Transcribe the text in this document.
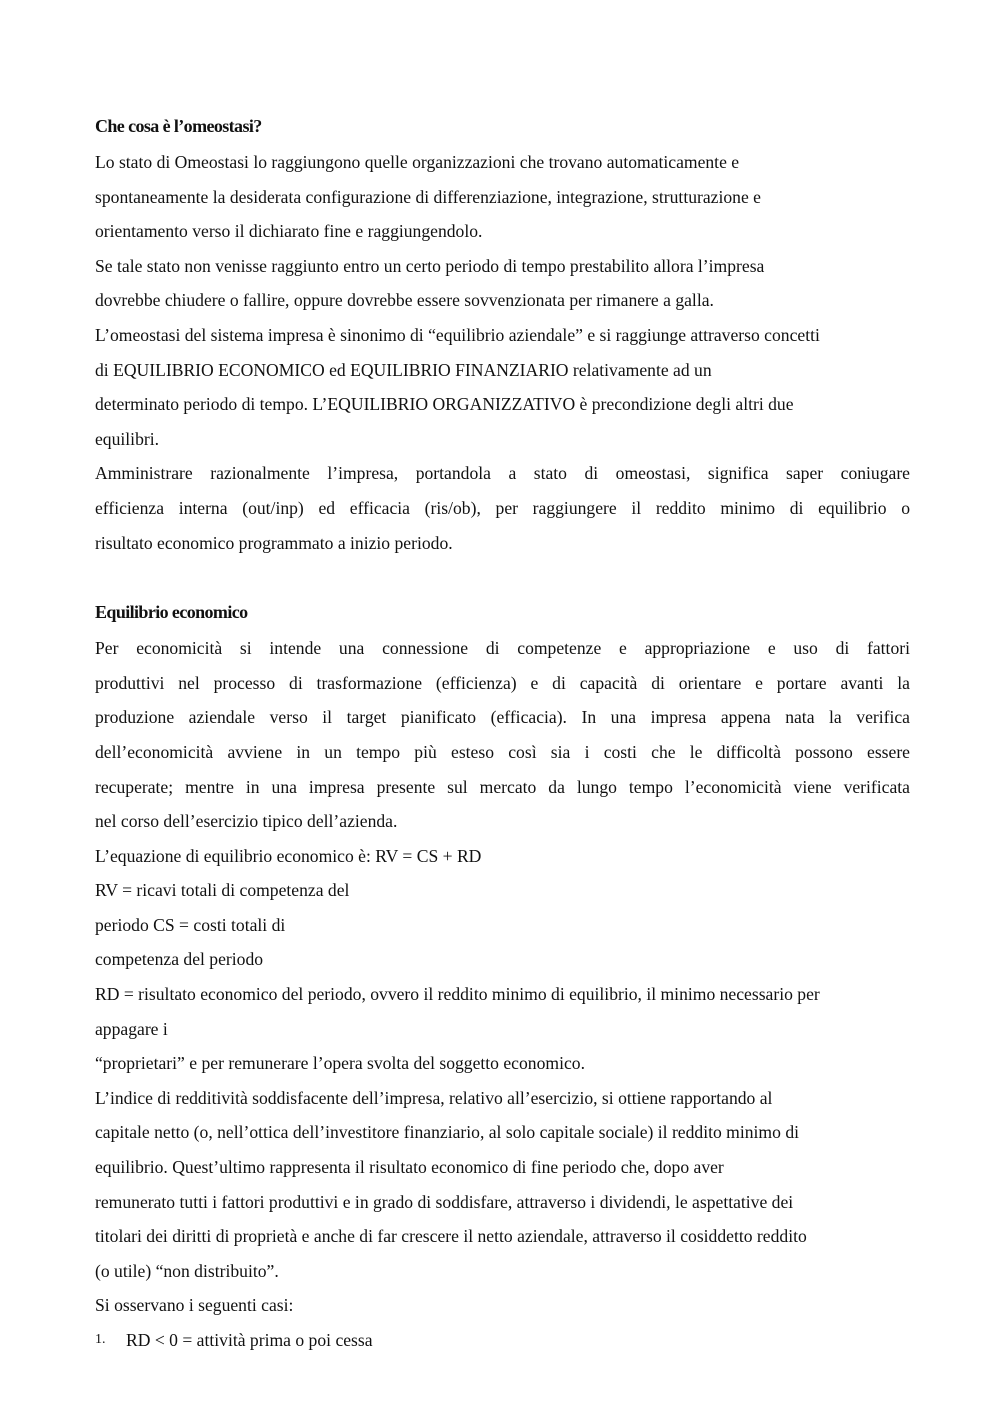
Che cosa è l’omeostasi?

Lo stato di Omeostasi lo raggiungono quelle organizzazioni che trovano automaticamente e
spontaneamente la desiderata configurazione di differenziazione, integrazione, strutturazione e
orientamento verso il dichiarato fine e raggiungendolo.

Se tale stato non venisse raggiunto entro un certo periodo di tempo prestabilito allora l’impresa
dovrebbe chiudere o fallire, oppure dovrebbe essere sovvenzionata per rimanere a galla.

L’omeostasi del sistema impresa è sinonimo di “equilibrio aziendale” e si raggiunge attraverso concetti
di EQUILIBRIO ECONOMICO ed EQUILIBRIO FINANZIARIO relativamente ad un
determinato periodo di tempo. L’EQUILIBRIO ORGANIZZATIVO è precondizione degli altri due
equilibri.

Amministrare razionalmente l’impresa, portandola a stato di omeostasi, significa saper coniugare
efficienza interna (out/inp) ed efficacia (ris/ob), per raggiungere il reddito minimo di equilibrio o
risultato economico programmato a inizio periodo.

Equilibrio economico

Per economicità si intende una connessione di competenze e appropriazione e uso di fattori
produttivi nel processo di trasformazione (efficienza) e di capacità di orientare e portare avanti la
produzione aziendale verso il target pianificato (efficacia). In una impresa appena nata la verifica
dell’economicità avviene in un tempo più esteso così sia i costi che le difficoltà possono essere
recuperate; mentre in una impresa presente sul mercato da lungo tempo l’economicità viene verificata
nel corso dell’esercizio tipico dell’azienda.

L’equazione di equilibrio economico è: RV = CS + RD

RV = ricavi totali di competenza del
periodo CS = costi totali di
competenza del periodo
RD = risultato economico del periodo, ovvero il reddito minimo di equilibrio, il minimo necessario per
appagare i
“proprietari” e per remunerare l’opera svolta del soggetto economico.

L’indice di redditività soddisfacente dell’impresa, relativo all’esercizio, si ottiene rapportando al
capitale netto (o, nell’ottica dell’investitore finanziario, al solo capitale sociale) il reddito minimo di
equilibrio. Quest’ultimo rappresenta il risultato economico di fine periodo che, dopo aver
remunerato tutti i fattori produttivi e in grado di soddisfare, attraverso i dividendi, le aspettative dei
titolari dei diritti di proprietà e anche di far crescere il netto aziendale, attraverso il cosiddetto reddito
(o utile) “non distribuito”.

Si osservano i seguenti casi:

1.	RD < 0 = attività prima o poi cessa
